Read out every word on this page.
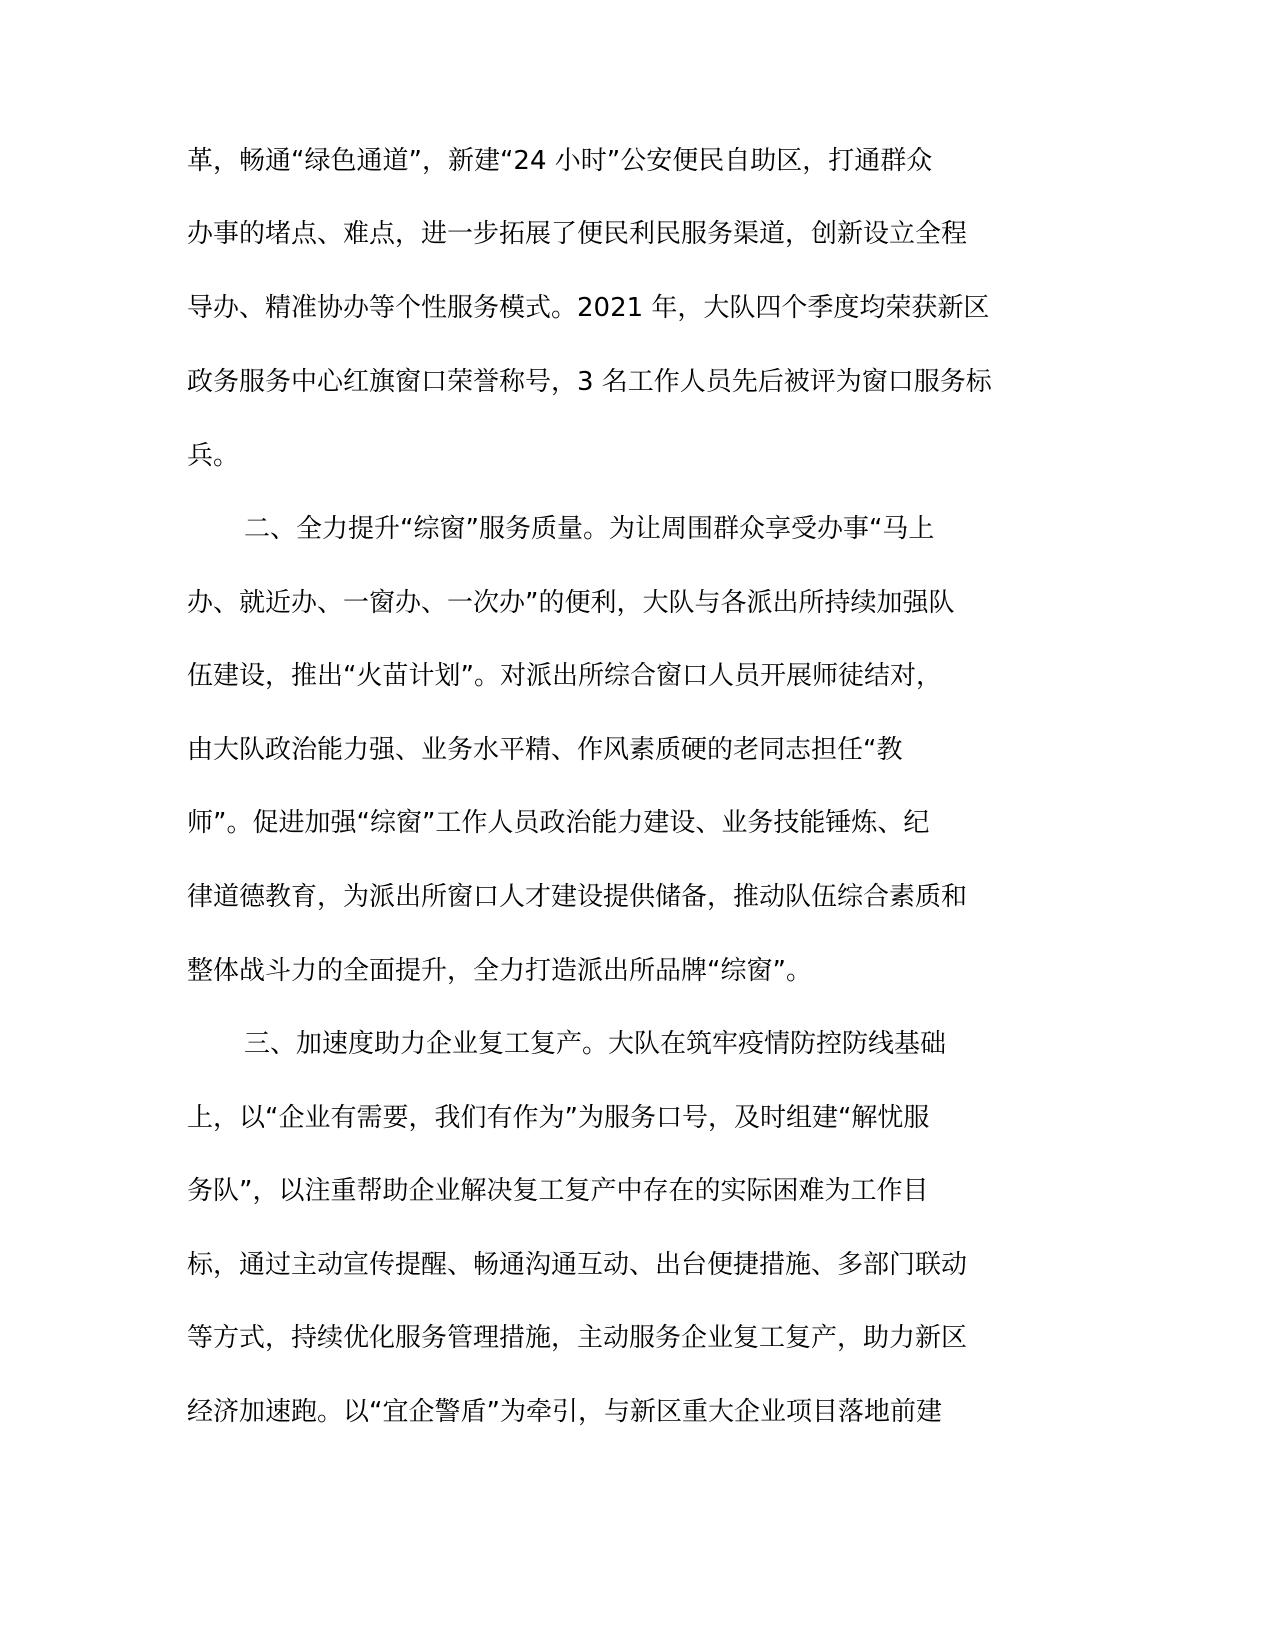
革，畅通“绿色通道”，新建“24 小时”公安便民自助区，打通群众
办事的堵点、难点，进一步拓展了便民利民服务渠道，创新设立全程
导办、精准协办等个性服务模式。2021 年，大队四个季度均荣获新区
政务服务中心红旗窗口荣誉称号，3 名工作人员先后被评为窗口服务标
兵。
二、全力提升“综窗”服务质量。为让周围群众享受办事“马上
办、就近办、一窗办、一次办”的便利，大队与各派出所持续加强队
伍建设，推出“火苗计划”。对派出所综合窗口人员开展师徒结对，
由大队政治能力强、业务水平精、作风素质硬的老同志担任“教
师”。促进加强“综窗”工作人员政治能力建设、业务技能锤炼、纪
律道德教育，为派出所窗口人才建设提供储备，推动队伍综合素质和
整体战斗力的全面提升，全力打造派出所品牌“综窗”。
三、加速度助力企业复工复产。大队在筑牢疫情防控防线基础
上，以“企业有需要，我们有作为”为服务口号，及时组建“解忧服
务队”，以注重帮助企业解决复工复产中存在的实际困难为工作目
标，通过主动宣传提醒、畅通沟通互动、出台便捷措施、多部门联动
等方式，持续优化服务管理措施，主动服务企业复工复产，助力新区
经济加速跑。以“宜企警盾”为牵引，与新区重大企业项目落地前建
